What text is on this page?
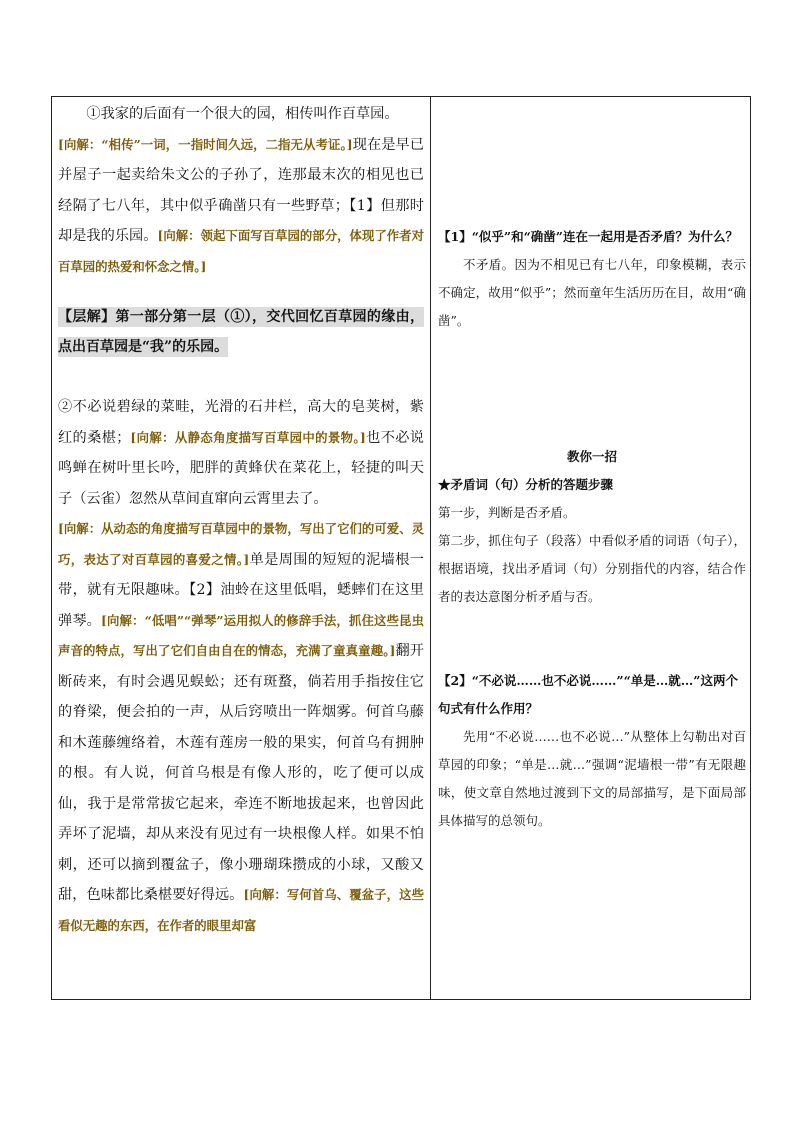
①我家的后面有一个很大的园，相传叫作百草园。
[向解：“相传”一词，一指时间久远，二指无从考证。]现在是早已并屋子一起卖给朱文公的子孙了，连那最末次的相见也已经隔了七八年，其中似乎确凿只有一些野草；【1】但那时却是我的乐园。[向解：领起下面写百草园的部分，体现了作者对百草园的热爱和怀念之情。]

【层解】第一部分第一层（①），交代回忆百草园的缘由，点出百草园是“我”的乐园。

②不必说碧绿的菜畦，光滑的石井栏，高大的皂荚树，紫红的桑椹；[向解：从静态角度描写百草园中的景物。]也不必说鸣蝉在树叶里长吟，肥胖的黄蜂伏在菜花上，轻捷的叫天子（云雀）忽然从草间直窜向云霄里去了。
[向解：从动态的角度描写百草园中的景物，写出了它们的可爱、灵巧，表达了对百草园的喜爱之情。]单是周围的短短的泥墙根一带，就有无限趣味。【2】油蛉在这里低唱，蟋蟀们在这里弹琴。[向解：“低唱”“弹琴”运用拟人的修辞手法，抓住这些昆虫声音的特点，写出了它们自由自在的情态，充满了童真童趣。]翻开断砖来，有时会遇见蜈蚣；还有斑蝥，倘若用手指按住它的脊梁，便会拍的一声，从后窍喷出一阵烟雾。何首乌藤和木莲藤缠络着，木莲有莲房一般的果实，何首乌有拥肿的根。有人说，何首乌根是有像人形的，吃了便可以成仙，我于是常常拔它起来，牵连不断地拔起来，也曾因此弄坏了泥墙，却从来没有见过有一块根像人样。如果不怕刺，还可以摘到覆盆子，像小珊瑚珠攒成的小球，又酸又甜，色味都比桑椹要好得远。[向解：写何首乌、覆盆子，这些看似无趣的东西，在作者的眼里却富

【1】“似乎”和“确凿”连在一起用是否矛盾？为什么？

不矛盾。因为不相见已有七八年，印象模糊，表示不确定，故用“似乎”；然而童年生活历历在目，故用“确凿”。

教你一招

★矛盾词（句）分析的答题步骤

第一步，判断是否矛盾。

第二步，抓住句子（段落）中看似矛盾的词语（句子），根据语境，找出矛盾词（句）分别指代的内容，结合作者的表达意图分析矛盾与否。

【2】“不必说……也不必说……”“单是…就…”这两个句式有什么作用？

先用“不必说……也不必说…”从整体上勾勒出对百草园的印象；“单是…就…”强调“泥墙根一带”有无限趣味，使文章自然地过渡到下文的局部描写，是下面局部具体描写的总领句。
